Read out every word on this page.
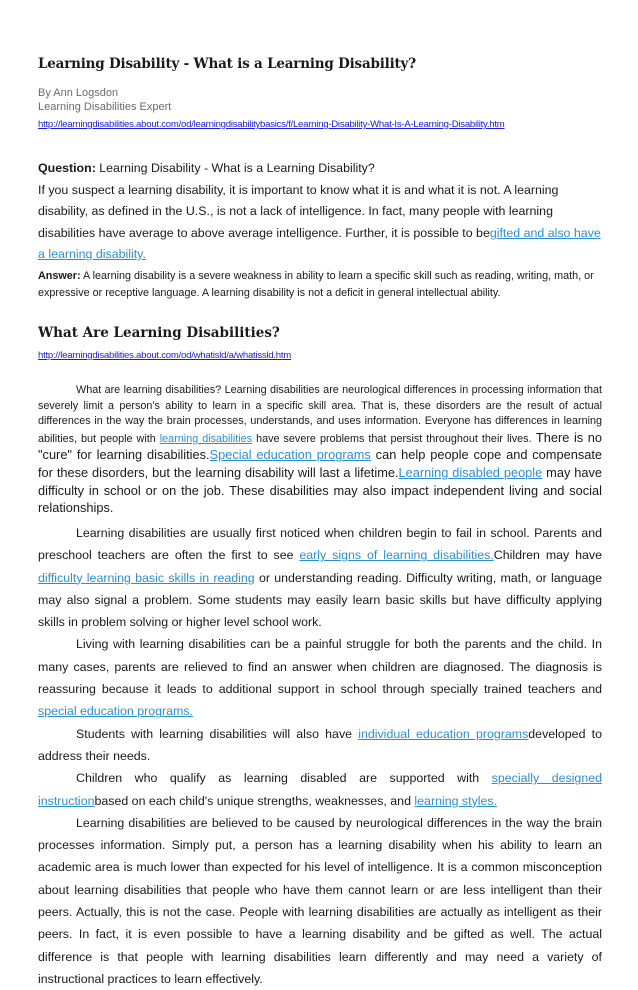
Learning Disability - What is a Learning Disability?
By Ann Logsdon
Learning Disabilities Expert
http://learningdisabilities.about.com/od/learningdisabilitybasics/f/Learning-Disability-What-Is-A-Learning-Disability.htm

Question: Learning Disability - What is a Learning Disability?

If you suspect a learning disability, it is important to know what it is and what it is not. A learning disability, as defined in the U.S., is not a lack of intelligence. In fact, many people with learning disabilities have average to above average intelligence. Further, it is possible to begifted and also have a learning disability.

Answer: A learning disability is a severe weakness in ability to learn a specific skill such as reading, writing, math, or expressive or receptive language. A learning disability is not a deficit in general intellectual ability.

What Are Learning Disabilities?
http://learningdisabilities.about.com/od/whatisld/a/whatissld.htm

What are learning disabilities? Learning disabilities are neurological differences in processing information that severely limit a person's ability to learn in a specific skill area. That is, these disorders are the result of actual differences in the way the brain processes, understands, and uses information. Everyone has differences in learning abilities, but people with learning disabilities have severe problems that persist throughout their lives. There is no "cure" for learning disabilities.Special education programs can help people cope and compensate for these disorders, but the learning disability will last a lifetime.Learning disabled people may have difficulty in school or on the job. These disabilities may also impact independent living and social relationships.

Learning disabilities are usually first noticed when children begin to fail in school. Parents and preschool teachers are often the first to see early signs of learning disabilities.Children may have difficulty learning basic skills in reading or understanding reading. Difficulty writing, math, or language may also signal a problem. Some students may easily learn basic skills but have difficulty applying skills in problem solving or higher level school work.

Living with learning disabilities can be a painful struggle for both the parents and the child. In many cases, parents are relieved to find an answer when children are diagnosed. The diagnosis is reassuring because it leads to additional support in school through specially trained teachers and special education programs.

Students with learning disabilities will also have individual education programsdeveloped to address their needs.

Children who qualify as learning disabled are supported with specially designed instructionbased on each child's unique strengths, weaknesses, and learning styles.

Learning disabilities are believed to be caused by neurological differences in the way the brain processes information. Simply put, a person has a learning disability when his ability to learn an academic area is much lower than expected for his level of intelligence. It is a common misconception about learning disabilities that people who have them cannot learn or are less intelligent than their peers. Actually, this is not the case. People with learning disabilities are actually as intelligent as their peers. In fact, it is even possible to have a learning disability and be gifted as well. The actual difference is that people with learning disabilities learn differently and may need a variety of instructional practices to learn effectively.
